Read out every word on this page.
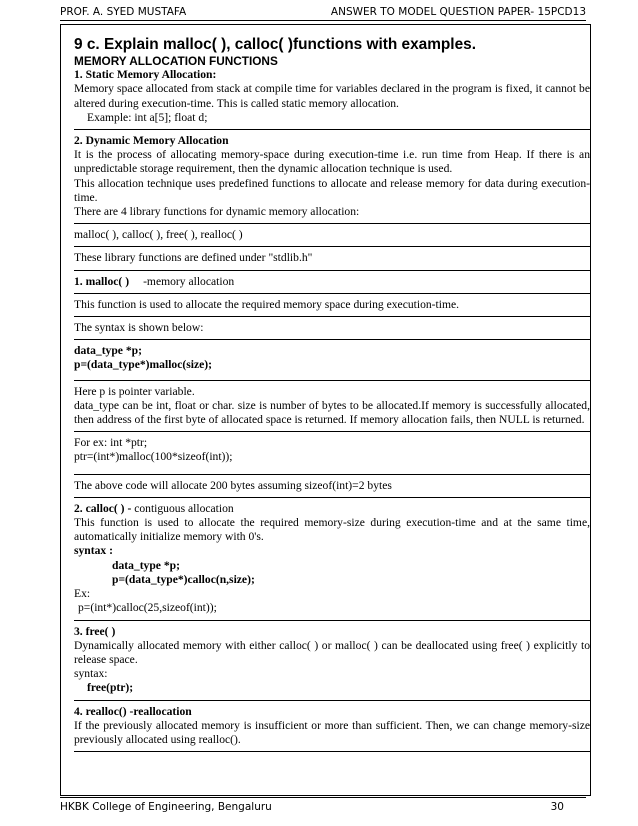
PROF. A. SYED MUSTAFA	ANSWER TO MODEL QUESTION PAPER- 15PCD13

9 c. Explain malloc( ), calloc( )functions with examples.

MEMORY ALLOCATION FUNCTIONS

1. Static Memory Allocation:

Memory space allocated from stack at compile time for variables declared in the program is fixed, it cannot be altered during execution-time. This is called static memory allocation.

Example: int a[5]; float d;

2. Dynamic Memory Allocation

It is the process of allocating memory-space during execution-time i.e. run time from Heap. If there is an unpredictable storage requirement, then the dynamic allocation technique is used.

This allocation technique uses predefined functions to allocate and release memory for data during execution-time.

There are 4 library functions for dynamic memory allocation:

malloc( ), calloc( ), free( ), realloc( )

These library functions are defined under "stdlib.h"

1. malloc( ) -memory allocation

This function is used to allocate the required memory space during execution-time.

The syntax is shown below:

data_type *p;

p=(data_type*)malloc(size);

Here p is pointer variable.

data_type can be int, float or char. size is number of bytes to be allocated.If memory is successfully allocated, then address of the first byte of allocated space is returned. If memory allocation fails, then NULL is returned.

For ex: int *ptr;

ptr=(int*)malloc(100*sizeof(int));

The above code will allocate 200 bytes assuming sizeof(int)=2 bytes

2. calloc( ) - contiguous allocation

This function is used to allocate the required memory-size during execution-time and at the same time, automatically initialize memory with 0's.

syntax :

data_type *p;

p=(data_type*)calloc(n,size);

Ex:

p=(int*)calloc(25,sizeof(int));

3. free( )

Dynamically allocated memory with either calloc( ) or malloc( ) can be deallocated using free( ) explicitly to release space.

syntax:

free(ptr);

4. realloc() -reallocation

If the previously allocated memory is insufficient or more than sufficient. Then, we can change memory-size previously allocated using realloc().

HKBK College of Engineering, Bengaluru	30
